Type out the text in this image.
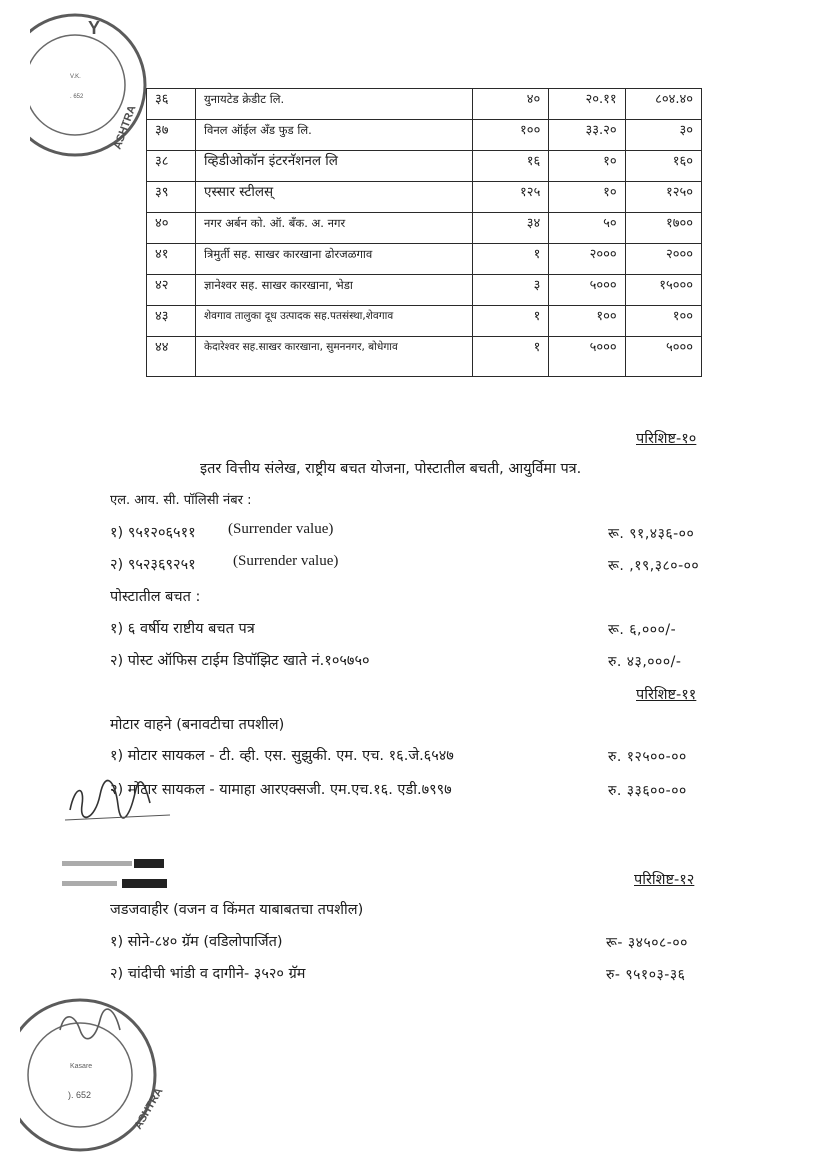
Y
V.K.
. 652
ASHTRA
३६	युनायटेड क्रेडीट लि.	४०	२०.११	८०४.४०
३७	विनल ऑईल अँड फुड लि.	१००	३३.२०	३०
३८	व्हिडीओकॉन इंटरनॅशनल लि	१६	१०	१६०
३९	एस्सार स्टीलस्	१२५	१०	१२५०
४०	नगर अर्बन को. ऑ. बँक. अ. नगर	३४	५०	१७००
४१	त्रिमुर्ती सह. साखर कारखाना ढोरजळगाव	१	२०००	२०००
४२	ज्ञानेश्वर सह. साखर कारखाना, भेडा	३	५०००	१५०००
४३	शेवगाव तालुका दूध उत्पादक सह.पतसंस्था,शेवगाव	१	१००	१००
४४	केदारेश्वर सह.साखर कारखाना, सुमननगर, बोधेगाव	१	५०००	५०००
परिशिष्ट-१०
इतर वित्तीय संलेख, राष्ट्रीय बचत योजना, पोस्टातील बचती, आयुर्विमा पत्र.
एल. आय. सी. पॉलिसी नंबर :
१) ९५१२०६५११ (Surrender value)	रू. ९१,४३६-००
२) ९५२३६९२५१ (Surrender value)	रू. ,१९,३८०-००
पोस्टातील बचत :
१) ६ वर्षीय राष्टीय बचत पत्र	रू. ६,०००/-
२) पोस्ट ऑफिस टाईम डिपॉझिट खाते नं.१०५७५०	रु. ४३,०००/-
परिशिष्ट-११
मोटार वाहने (बनावटीचा तपशील)
१) मोटार सायकल - टी. व्ही. एस. सुझुकी. एम. एच. १६.जे.६५४७	रु. १२५००-००
२) मोटार सायकल - यामाहा आरएक्सजी. एम.एच.१६. एडी.७९९७	रु. ३३६००-००
परिशिष्ट-१२
जडजवाहीर (वजन व किंमत याबाबतचा तपशील)
१) सोने-८४० ग्रॅम (वडिलोपार्जित)	रू- ३४५०८-००
२) चांदीची भांडी व दागीने- ३५२० ग्रॅम	रु- ९५१०३-३६
Kasare
). 652	ASHTRA
